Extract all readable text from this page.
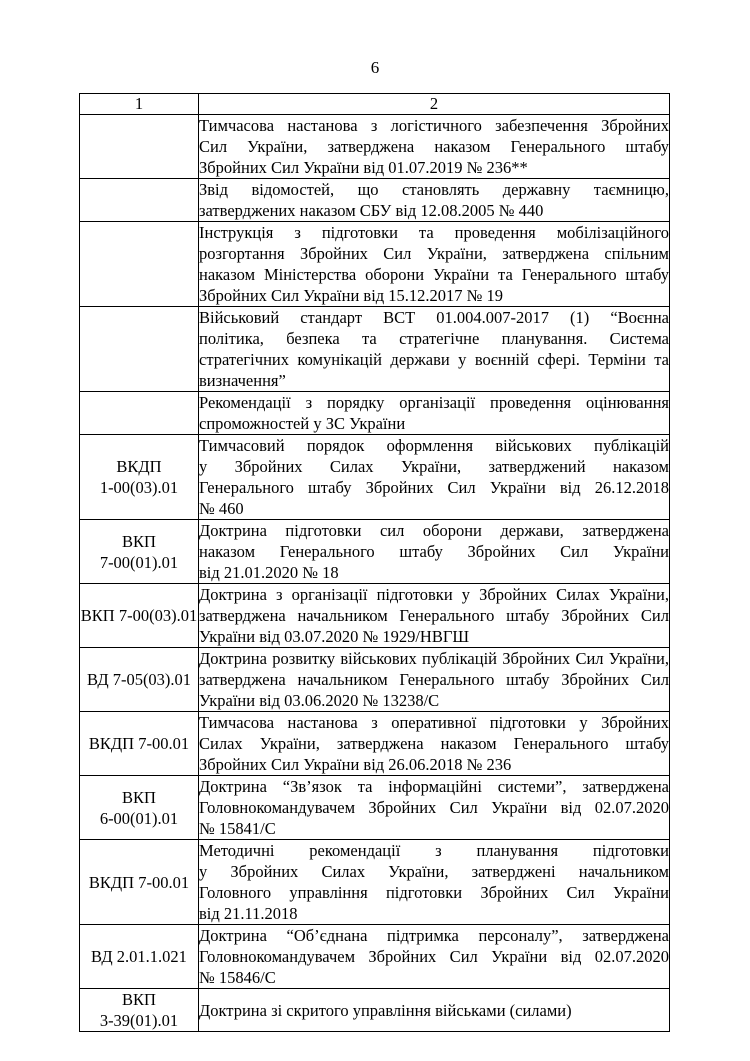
6
1	2

	Тимчасова настанова з логістичного забезпечення Збройних
Сил України, затверджена наказом Генерального штабу
Збройних Сил України від 01.07.2019 № 236**

	Звід відомостей, що становлять державну таємницю,
затверджених наказом СБУ від 12.08.2005 № 440

	Інструкція з підготовки та проведення мобілізаційного
розгортання Збройних Сил України, затверджена спільним
наказом Міністерства оборони України та Генерального штабу
Збройних Сил України від 15.12.2017 № 19

	Військовий стандарт ВСТ 01.004.007-2017 (1) “Воєнна
політика, безпека та стратегічне планування. Система
стратегічних комунікацій держави у воєнній сфері. Терміни та
визначення”

	Рекомендації з порядку організації проведення оцінювання
спроможностей у ЗС України

ВКДП
1-00(03).01	Тимчасовий порядок оформлення військових публікацій
у Збройних Силах України, затверджений наказом
Генерального штабу Збройних Сил України від 26.12.2018
№ 460

ВКП
7-00(01).01	Доктрина підготовки сил оборони держави, затверджена
наказом Генерального штабу Збройних Сил України
від 21.01.2020 № 18

ВКП 7-00(03).01	Доктрина з організації підготовки у Збройних Силах України,
затверджена начальником Генерального штабу Збройних Сил
України від 03.07.2020 № 1929/НВГШ

ВД 7-05(03).01	Доктрина розвитку військових публікацій Збройних Сил України,
затверджена начальником Генерального штабу Збройних Сил
України від 03.06.2020 № 13238/С

ВКДП 7-00.01	Тимчасова настанова з оперативної підготовки у Збройних
Силах України, затверджена наказом Генерального штабу
Збройних Сил України від 26.06.2018 № 236

ВКП
6-00(01).01	Доктрина “Зв’язок та інформаційні системи”, затверджена
Головнокомандувачем Збройних Сил України від 02.07.2020
№ 15841/С

ВКДП 7-00.01	Методичні рекомендації з планування підготовки
у Збройних Силах України, затверджені начальником
Головного управління підготовки Збройних Сил України
від 21.11.2018

ВД 2.01.1.021	Доктрина “Об’єднана підтримка персоналу”, затверджена
Головнокомандувачем Збройних Сил України від 02.07.2020
№ 15846/С

ВКП
3-39(01).01	Доктрина зі скритого управління військами (силами)
